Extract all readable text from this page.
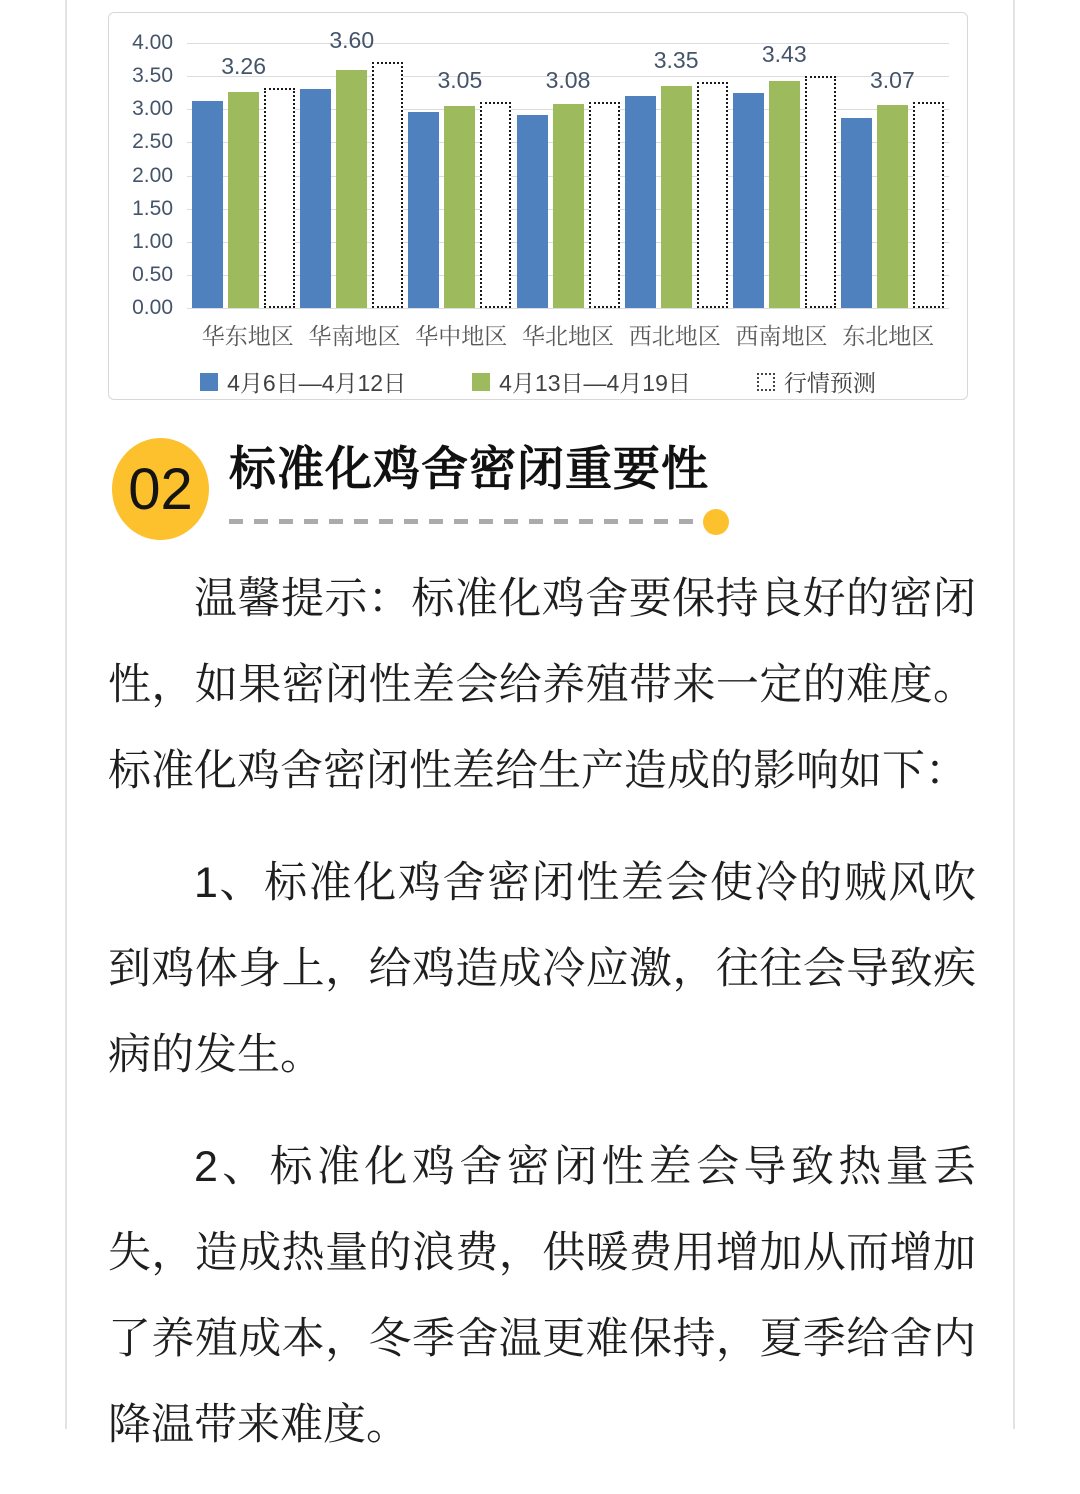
4.00
3.50
3.00
2.50
2.00
1.50
1.00
0.50
0.00
3.26
3.60
3.05	3.08
3.35	3.43
3.07
华东地区 华南地区 华中地区 华北地区 西北地区 西南地区 东北地区
4月6日—4月12日	4月13日—4月19日	行情预测
02 标准化鸡舍密闭重要性

温馨提示：标准化鸡舍要保持良好的密闭性，如果密闭性差会给养殖带来一定的难度。标准化鸡舍密闭性差给生产造成的影响如下：

1、标准化鸡舍密闭性差会使冷的贼风吹到鸡体身上，给鸡造成冷应激，往往会导致疾病的发生。

2、标准化鸡舍密闭性差会导致热量丢失，造成热量的浪费，供暖费用增加从而增加了养殖成本，冬季舍温更难保持，夏季给舍内降温带来难度。
